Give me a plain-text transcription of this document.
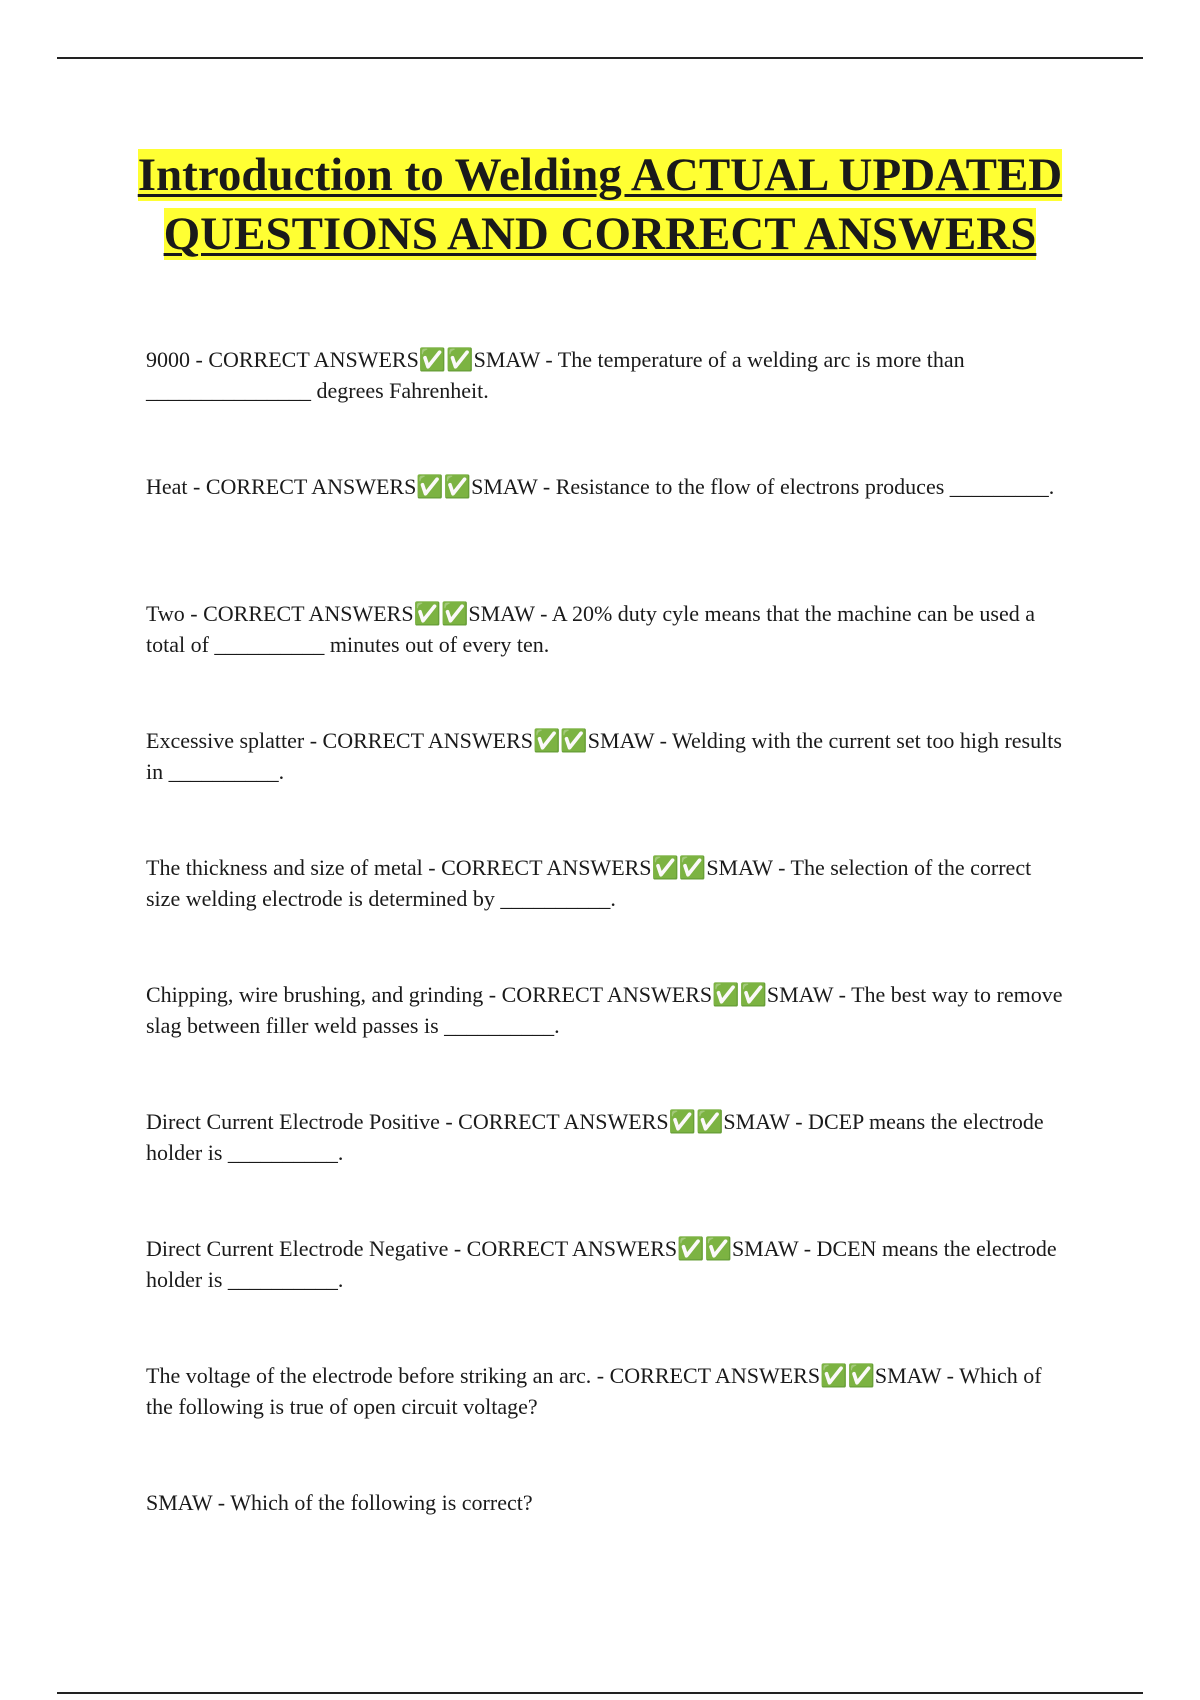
Introduction to Welding ACTUAL UPDATED QUESTIONS AND CORRECT ANSWERS

9000 - CORRECT ANSWERS✅✅SMAW - The temperature of a welding arc is more than _______________ degrees Fahrenheit.

Heat - CORRECT ANSWERS✅✅SMAW - Resistance to the flow of electrons produces _________.

Two - CORRECT ANSWERS✅✅SMAW - A 20% duty cyle means that the machine can be used a total of __________ minutes out of every ten.

Excessive splatter - CORRECT ANSWERS✅✅SMAW - Welding with the current set too high results in __________.

The thickness and size of metal - CORRECT ANSWERS✅✅SMAW - The selection of the correct size welding electrode is determined by __________.

Chipping, wire brushing, and grinding - CORRECT ANSWERS✅✅SMAW - The best way to remove slag between filler weld passes is __________.

Direct Current Electrode Positive - CORRECT ANSWERS✅✅SMAW - DCEP means the electrode holder is __________.

Direct Current Electrode Negative - CORRECT ANSWERS✅✅SMAW - DCEN means the electrode holder is __________.

The voltage of the electrode before striking an arc. - CORRECT ANSWERS✅✅SMAW - Which of the following is true of open circuit voltage?

SMAW - Which of the following is correct?
